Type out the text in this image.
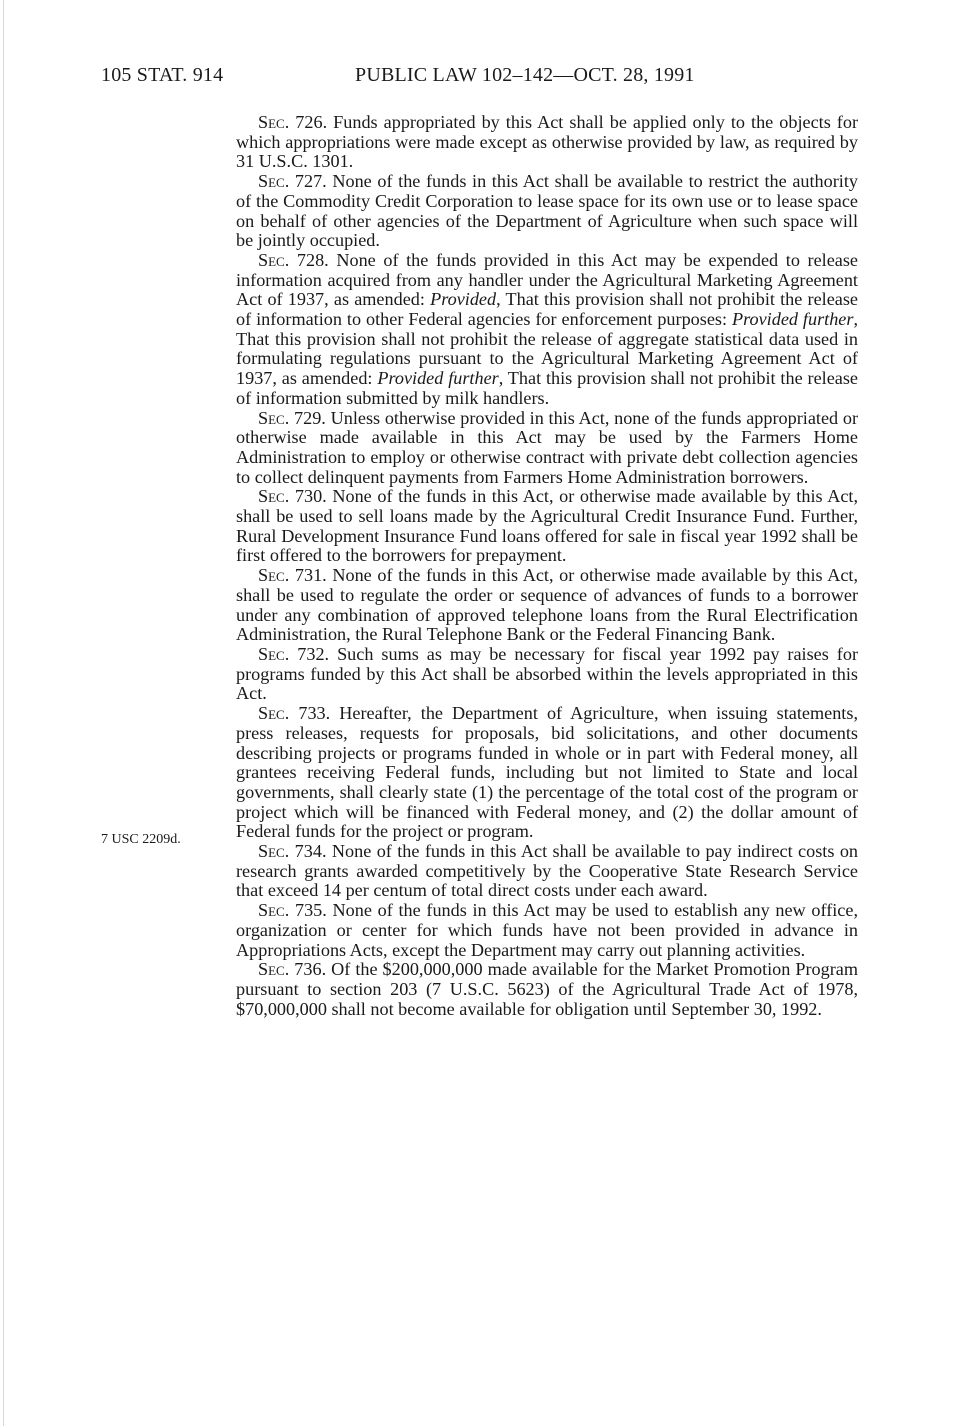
105 STAT. 914	PUBLIC LAW 102–142—OCT. 28, 1991
7 USC 2209d.

Sec. 726. Funds appropriated by this Act shall be applied only to the objects for which appropriations were made except as otherwise provided by law, as required by 31 U.S.C. 1301.

Sec. 727. None of the funds in this Act shall be available to restrict the authority of the Commodity Credit Corporation to lease space for its own use or to lease space on behalf of other agencies of the Department of Agriculture when such space will be jointly occupied.

Sec. 728. None of the funds provided in this Act may be expended to release information acquired from any handler under the Agricultural Marketing Agreement Act of 1937, as amended: Provided, That this provision shall not prohibit the release of information to other Federal agencies for enforcement purposes: Provided further, That this provision shall not prohibit the release of aggregate statistical data used in formulating regulations pursuant to the Agricultural Marketing Agreement Act of 1937, as amended: Provided further, That this provision shall not prohibit the release of information submitted by milk handlers.

Sec. 729. Unless otherwise provided in this Act, none of the funds appropriated or otherwise made available in this Act may be used by the Farmers Home Administration to employ or otherwise contract with private debt collection agencies to collect delinquent payments from Farmers Home Administration borrowers.

Sec. 730. None of the funds in this Act, or otherwise made available by this Act, shall be used to sell loans made by the Agricultural Credit Insurance Fund. Further, Rural Development Insurance Fund loans offered for sale in fiscal year 1992 shall be first offered to the borrowers for prepayment.

Sec. 731. None of the funds in this Act, or otherwise made available by this Act, shall be used to regulate the order or sequence of advances of funds to a borrower under any combination of approved telephone loans from the Rural Electrification Administration, the Rural Telephone Bank or the Federal Financing Bank.

Sec. 732. Such sums as may be necessary for fiscal year 1992 pay raises for programs funded by this Act shall be absorbed within the levels appropriated in this Act.

Sec. 733. Hereafter, the Department of Agriculture, when issuing statements, press releases, requests for proposals, bid solicitations, and other documents describing projects or programs funded in whole or in part with Federal money, all grantees receiving Federal funds, including but not limited to State and local governments, shall clearly state (1) the percentage of the total cost of the program or project which will be financed with Federal money, and (2) the dollar amount of Federal funds for the project or program.

Sec. 734. None of the funds in this Act shall be available to pay indirect costs on research grants awarded competitively by the Cooperative State Research Service that exceed 14 per centum of total direct costs under each award.

Sec. 735. None of the funds in this Act may be used to establish any new office, organization or center for which funds have not been provided in advance in Appropriations Acts, except the Department may carry out planning activities.

Sec. 736. Of the $200,000,000 made available for the Market Promotion Program pursuant to section 203 (7 U.S.C. 5623) of the Agricultural Trade Act of 1978, $70,000,000 shall not become available for obligation until September 30, 1992.
